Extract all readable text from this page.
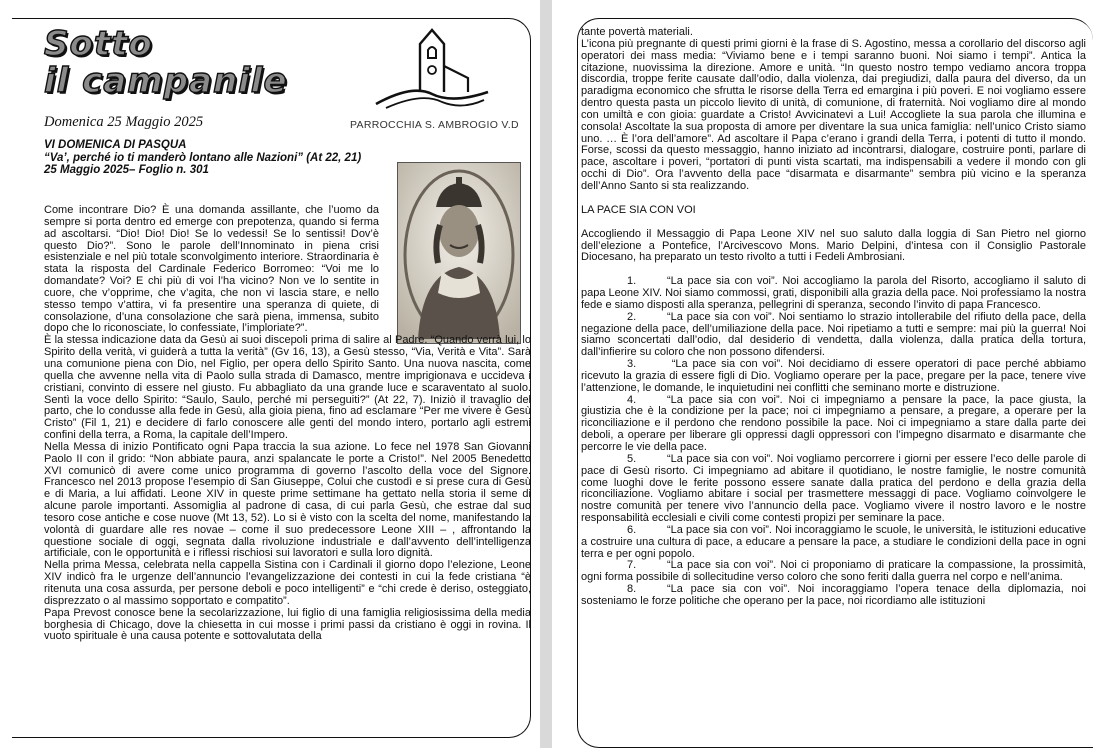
Sotto
il campanile
Domenica 25 Maggio 2025	PARROCCHIA S. AMBROGIO V.D
VI DOMENICA DI PASQUA
“Va’, perché io ti manderò lontano alle Nazioni” (At 22, 21)
25 Maggio 2025– Foglio n. 301

Come incontrare Dio? È una domanda assillante, che l’uomo da sempre si porta dentro ed emerge con prepotenza, quando si ferma ad ascoltarsi. “Dio! Dio! Dio! Se lo vedessi! Se lo sentissi! Dov’è questo Dio?”. Sono le parole dell’Innominato in piena crisi esistenziale e nel più totale sconvolgimento interiore. Straordinaria è stata la risposta del Cardinale Federico Borromeo: “Voi me lo domandate? Voi? E chi più di voi l’ha vicino? Non ve lo sentite in cuore, che v’opprime, che v’agita, che non vi lascia stare, e nello stesso tempo v’attira, vi fa presentire una speranza di quiete, di consolazione, d’una consolazione che sarà piena, immensa, subito dopo che lo riconosciate, lo confessiate, l’imploriate?”.

È la stessa indicazione data da Gesù ai suoi discepoli prima di salire al Padre. “Quando verrà lui, lo Spirito della verità, vi guiderà a tutta la verità” (Gv 16, 13), a Gesù stesso, “Via, Verità e Vita”. Sarà una comunione piena con Dio, nel Figlio, per opera dello Spirito Santo. Una nuova nascita, come quella che avvenne nella vita di Paolo sulla strada di Damasco, mentre imprigionava e uccideva i cristiani, convinto di essere nel giusto. Fu abbagliato da una grande luce e scaraventato al suolo. Sentì la voce dello Spirito: “Saulo, Saulo, perché mi perseguiti?” (At 22, 7). Iniziò il travaglio del parto, che lo condusse alla fede in Gesù, alla gioia piena, fino ad esclamare “Per me vivere è Gesù Cristo” (Fil 1, 21) e decidere di farlo conoscere alle genti del mondo intero, portarlo agli estremi confini della terra, a Roma, la capitale dell’Impero.

Nella Messa di inizio Pontificato ogni Papa traccia la sua azione. Lo fece nel 1978 San Giovanni Paolo II con il grido: “Non abbiate paura, anzi spalancate le porte a Cristo!”. Nel 2005 Benedetto XVI comunicò di avere come unico programma di governo l’ascolto della voce del Signore. Francesco nel 2013 propose l’esempio di San Giuseppe, Colui che custodì e si prese cura di Gesù e di Maria, a lui affidati. Leone XIV in queste prime settimane ha gettato nella storia il seme di alcune parole importanti. Assomiglia al padrone di casa, di cui parla Gesù, che estrae dal suo tesoro cose antiche e cose nuove (Mt 13, 52). Lo si è visto con la scelta del nome, manifestando la volontà di guardare alle res novae – come il suo predecessore Leone XIII – , affrontando la questione sociale di oggi, segnata dalla rivoluzione industriale e dall’avvento dell’intelligenza artificiale, con le opportunità e i riflessi rischiosi sui lavoratori e sulla loro dignità.

Nella prima Messa, celebrata nella cappella Sistina con i Cardinali il giorno dopo l’elezione, Leone XIV indicò fra le urgenze dell’annuncio l’evangelizzazione dei contesti in cui la fede cristiana “è ritenuta una cosa assurda, per persone deboli e poco intelligenti” e “chi crede è deriso, osteggiato, disprezzato o al massimo sopportato e compatito”.

Papa Prevost conosce bene la secolarizzazione, lui figlio di una famiglia religiosissima della media borghesia di Chicago, dove la chiesetta in cui mosse i primi passi da cristiano è oggi in rovina. Il vuoto spirituale è una causa potente e sottovalutata della

tante povertà materiali.

L’icona più pregnante di questi primi giorni è la frase di S. Agostino, messa a corollario del discorso agli operatori dei mass media: “Viviamo bene e i tempi saranno buoni. Noi siamo i tempi”. Antica la citazione, nuovissima la direzione. Amore e unità. “In questo nostro tempo vediamo ancora troppa discordia, troppe ferite causate dall’odio, dalla violenza, dai pregiudizi, dalla paura del diverso, da un paradigma economico che sfrutta le risorse della Terra ed emargina i più poveri. E noi vogliamo essere dentro questa pasta un piccolo lievito di unità, di comunione, di fraternità. Noi vogliamo dire al mondo con umiltà e con gioia: guardate a Cristo! Avvicinatevi a Lui! Accogliete la sua parola che illumina e consola! Ascoltate la sua proposta di amore per diventare la sua unica famiglia: nell’unico Cristo siamo uno. … È l’ora dell’amore”. Ad ascoltare il Papa c’erano i grandi della Terra, i potenti di tutto il mondo. Forse, scossi da questo messaggio, hanno iniziato ad incontrarsi, dialogare, costruire ponti, parlare di pace, ascoltare i poveri, “portatori di punti vista scartati, ma indispensabili a vedere il mondo con gli occhi di Dio”. Ora l’avvento della pace “disarmata e disarmante” sembra più vicino e la speranza dell’Anno Santo si sta realizzando.

LA PACE SIA CON VOI

Accogliendo il Messaggio di Papa Leone XIV nel suo saluto dalla loggia di San Pietro nel giorno dell’elezione a Pontefice, l’Arcivescovo Mons. Mario Delpini, d’intesa con il Consiglio Pastorale Diocesano, ha preparato un testo rivolto a tutti i Fedeli Ambrosiani.

1.	“La pace sia con voi”. Noi accogliamo la parola del Risorto, accogliamo il saluto di papa Leone XIV. Noi siamo commossi, grati, disponibili alla grazia della pace. Noi professiamo la nostra fede e siamo disposti alla speranza, pellegrini di speranza, secondo l’invito di papa Francesco.

2.	“La pace sia con voi”. Noi sentiamo lo strazio intollerabile del rifiuto della pace, della negazione della pace, dell’umiliazione della pace. Noi ripetiamo a tutti e sempre: mai più la guerra! Noi siamo sconcertati dall’odio, dal desiderio di vendetta, dalla violenza, dalla pratica della tortura, dall’infierire su coloro che non possono difendersi.

3.	“La pace sia con voi”. Noi decidiamo di essere operatori di pace perché abbiamo ricevuto la grazia di essere figli di Dio. Vogliamo operare per la pace, pregare per la pace, tenere vive l’attenzione, le domande, le inquietudini nei conflitti che seminano morte e distruzione.

4.	“La pace sia con voi”. Noi ci impegniamo a pensare la pace, la pace giusta, la giustizia che è la condizione per la pace; noi ci impegniamo a pensare, a pregare, a operare per la riconciliazione e il perdono che rendono possibile la pace. Noi ci impegniamo a stare dalla parte dei deboli, a operare per liberare gli oppressi dagli oppressori con l’impegno disarmato e disarmante che percorre le vie della pace.

5.	“La pace sia con voi”. Noi vogliamo percorrere i giorni per essere l’eco delle parole di pace di Gesù risorto. Ci impegniamo ad abitare il quotidiano, le nostre famiglie, le nostre comunità come luoghi dove le ferite possono essere sanate dalla pratica del perdono e della grazia della riconciliazione. Vogliamo abitare i social per trasmettere messaggi di pace. Vogliamo coinvolgere le nostre comunità per tenere vivo l’annuncio della pace. Vogliamo vivere il nostro lavoro e le nostre responsabilità ecclesiali e civili come contesti propizi per seminare la pace.

6.	“La pace sia con voi”. Noi incoraggiamo le scuole, le università, le istituzioni educative a costruire una cultura di pace, a educare a pensare la pace, a studiare le condizioni della pace in ogni terra e per ogni popolo.

7.	“La pace sia con voi”. Noi ci proponiamo di praticare la compassione, la prossimità, ogni forma possibile di sollecitudine verso coloro che sono feriti dalla guerra nel corpo e nell’anima.

8.	“La pace sia con voi”. Noi incoraggiamo l’opera tenace della diplomazia, noi sosteniamo le forze politiche che operano per la pace, noi ricordiamo alle istituzioni
